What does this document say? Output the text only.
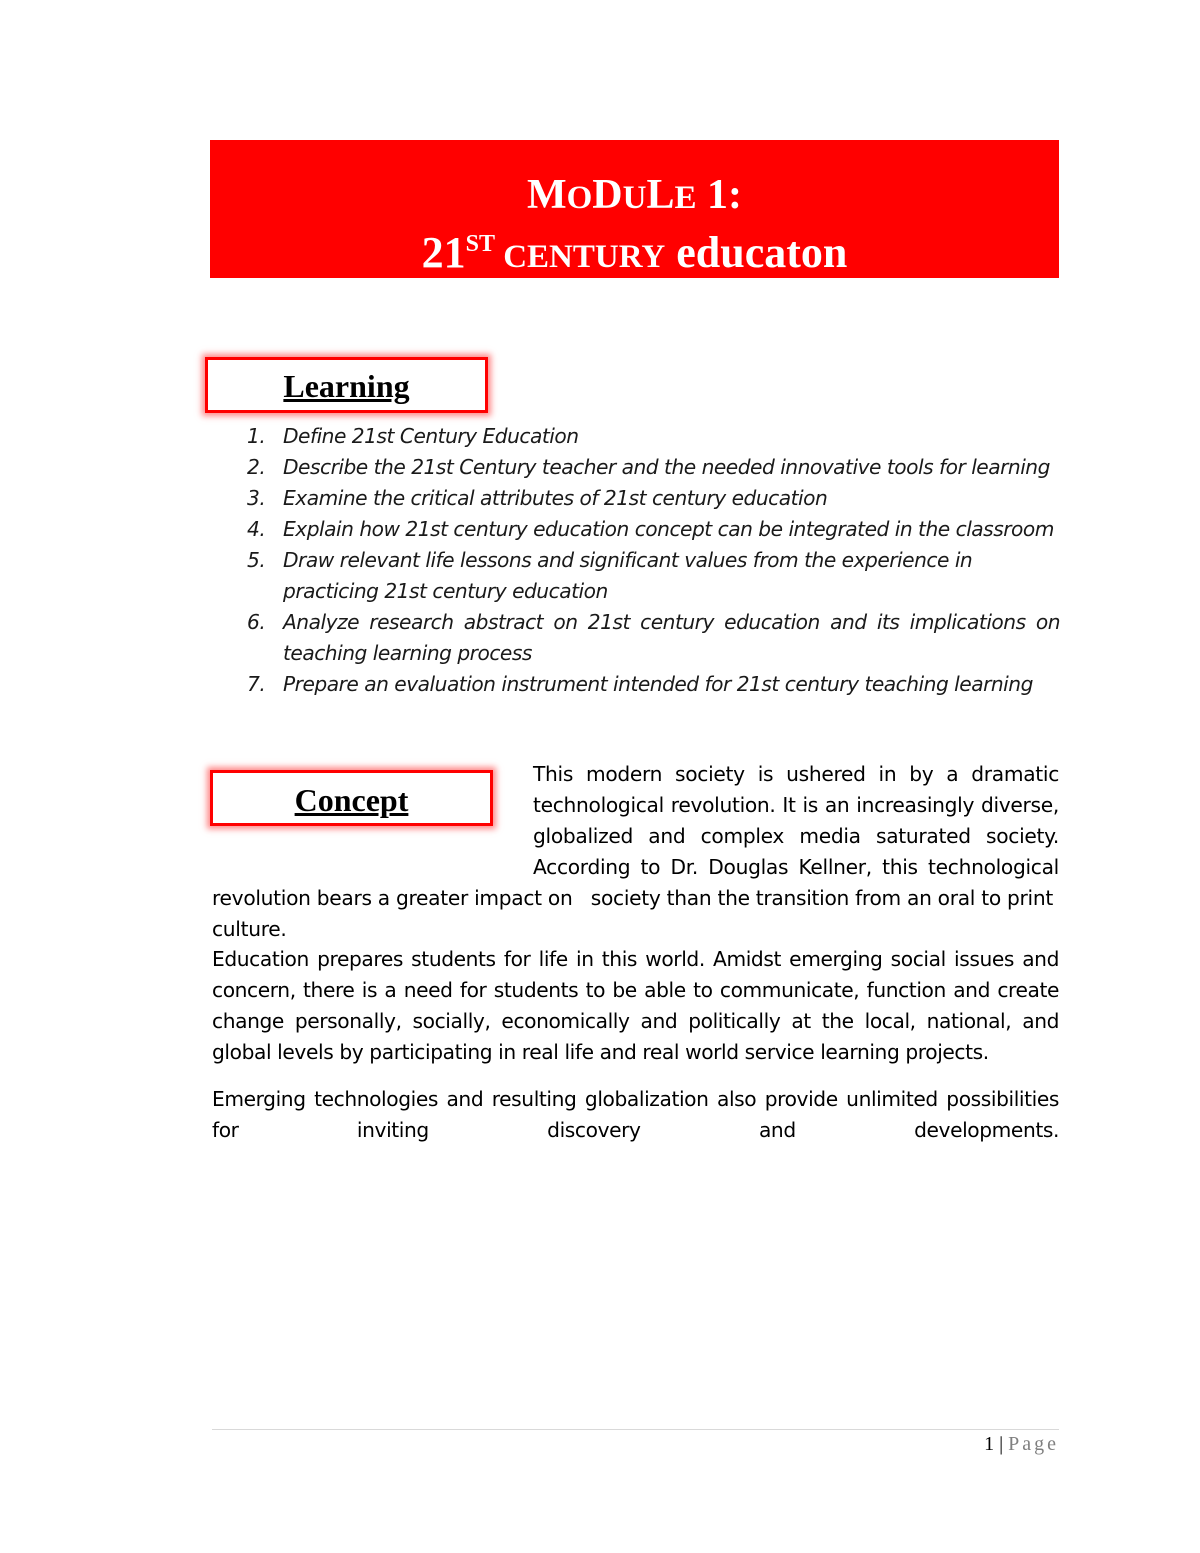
MODULE 1:
21ST CENTURY educaton
Learning
1. Define 21st Century Education
2. Describe the 21st Century teacher and the needed innovative tools for learning
3. Examine the critical attributes of 21st century education
4. Explain how 21st century education concept can be integrated in the classroom
5. Draw relevant life lessons and significant values from the experience in practicing 21st century education
6. Analyze research abstract on 21st century education and its implications on teaching learning process
7. Prepare an evaluation instrument intended for 21st century teaching learning
Concept
This modern society is ushered in by a dramatic technological revolution. It is an increasingly diverse, globalized and complex media saturated society. According to Dr. Douglas Kellner, this technological
revolution bears a greater impact on   society than the transition from an oral to print culture.
Education prepares students for life in this world. Amidst emerging social issues and concern, there is a need for students to be able to communicate, function and create change personally, socially, economically and politically at the local, national, and global levels by participating in real life and real world service learning projects.
Emerging technologies and resulting globalization also provide unlimited possibilities for inviting discovery and developments.
1 | Page
